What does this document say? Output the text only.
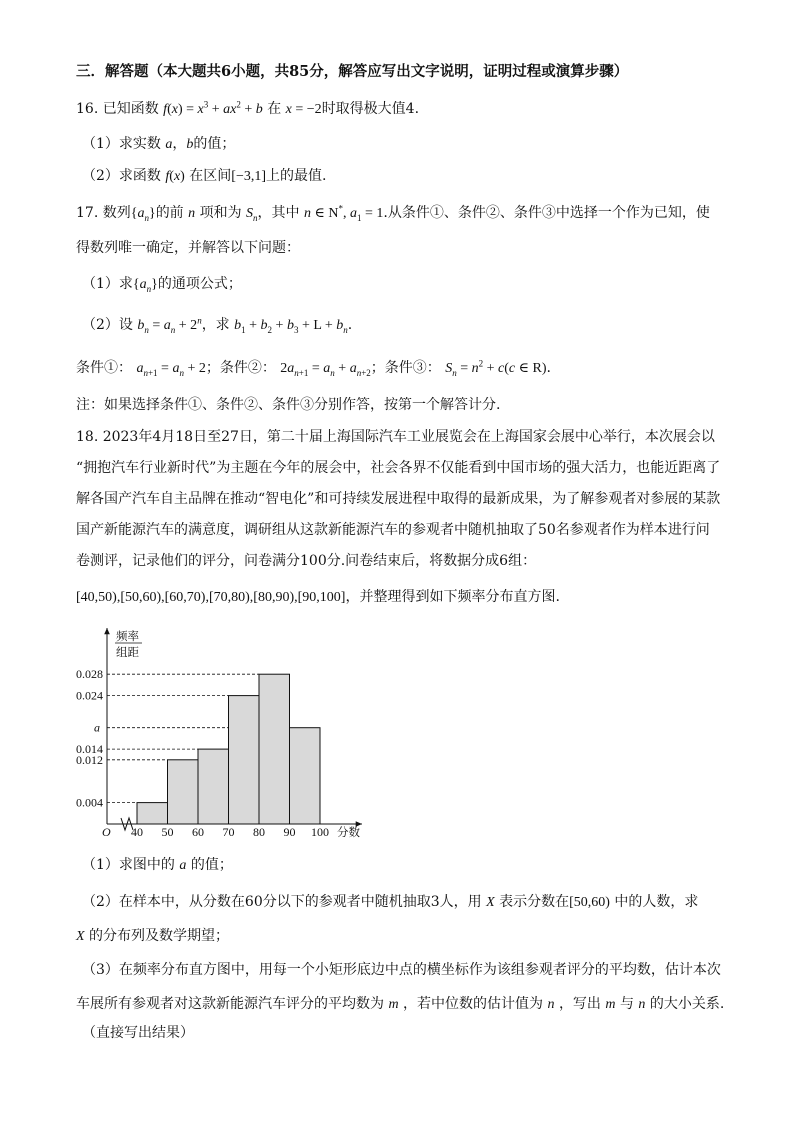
三．解答题（本大题共6小题，共85分，解答应写出文字说明，证明过程或演算步骤）
16. 已知函数 $f(x) = x^3 + ax^2 + b$ 在 x = −2时取得极大值4.
（1）求实数 a，b的值；
（2）求函数 f(x) 在区间[−3,1]上的最值.
17. 数列$\{a_n\}$的前 n 项和为 $S_n$，其中 n ∈ N*, $a_1 = 1$.从条件①、条件②、条件③中选择一个作为已知，使
得数列唯一确定，并解答以下问题：
（1）求$\{a_n\}$的通项公式；
（2）设 $b_n = a_n + 2^n$，求 $b_1 + b_2 + b_3 + L + b_n$.
条件①： $a_{n+1} = a_n + 2$；条件②： $2a_{n+1} = a_n + a_{n+2}$；条件③： $S_n = n^2 + c(c$ ∈ R).
注：如果选择条件①、条件②、条件③分别作答，按第一个解答计分.
18. 2023年4月18日至27日，第二十届上海国际汽车工业展览会在上海国家会展中心举行，本次展会以
“拥抱汽车行业新时代”为主题在今年的展会中，社会各界不仅能看到中国市场的强大活力，也能近距离了
解各国产汽车自主品牌在推动“智电化”和可持续发展进程中取得的最新成果，为了解参观者对参展的某款
国产新能源汽车的满意度，调研组从这款新能源汽车的参观者中随机抽取了50名参观者作为样本进行问
卷测评，记录他们的评分，问卷满分100分.问卷结束后，将数据分成6组：
[40,50),[50,60),[60,70),[70,80),[80,90),[90,100]，并整理得到如下频率分布直方图.
频率
组距
O	分数
0.028
0.024
a
0.014
0.012
0.004
40 50 60 70 80 90 100
（1）求图中的 a 的值；
（2）在样本中，从分数在60分以下的参观者中随机抽取3人，用 X 表示分数在[50,60) 中的人数，求
X 的分布列及数学期望；
（3）在频率分布直方图中，用每一个小矩形底边中点的横坐标作为该组参观者评分的平均数，估计本次
车展所有参观者对这款新能源汽车评分的平均数为 m ，若中位数的估计值为 n ，写出 m 与 n 的大小关系.
（直接写出结果）
